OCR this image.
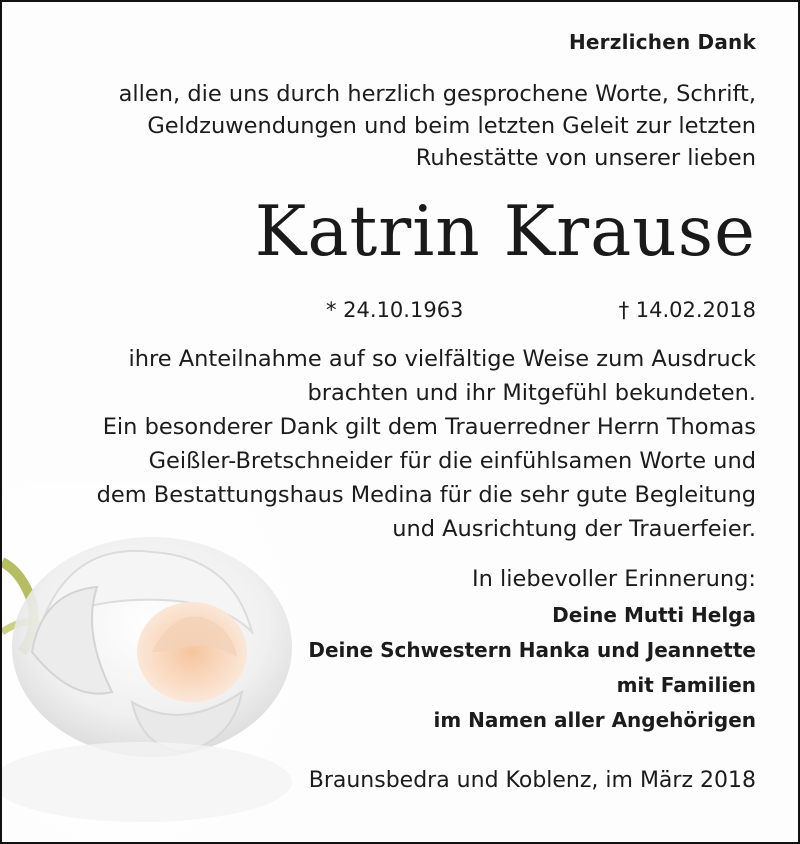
Herzlichen Dank
allen, die uns durch herzlich gesprochene Worte, Schrift,
Geldzuwendungen und beim letzten Geleit zur letzten
Ruhestätte von unserer lieben
Katrin Krause
* 24.10.1963	† 14.02.2018
ihre Anteilnahme auf so vielfältige Weise zum Ausdruck
brachten und ihr Mitgefühl bekundeten.
Ein besonderer Dank gilt dem Trauerredner Herrn Thomas
Geißler-Bretschneider für die einfühlsamen Worte und
dem Bestattungshaus Medina für die sehr gute Begleitung
und Ausrichtung der Trauerfeier.
In liebevoller Erinnerung:
Deine Mutti Helga
Deine Schwestern Hanka und Jeannette
mit Familien
im Namen aller Angehörigen
Braunsbedra und Koblenz, im März 2018
